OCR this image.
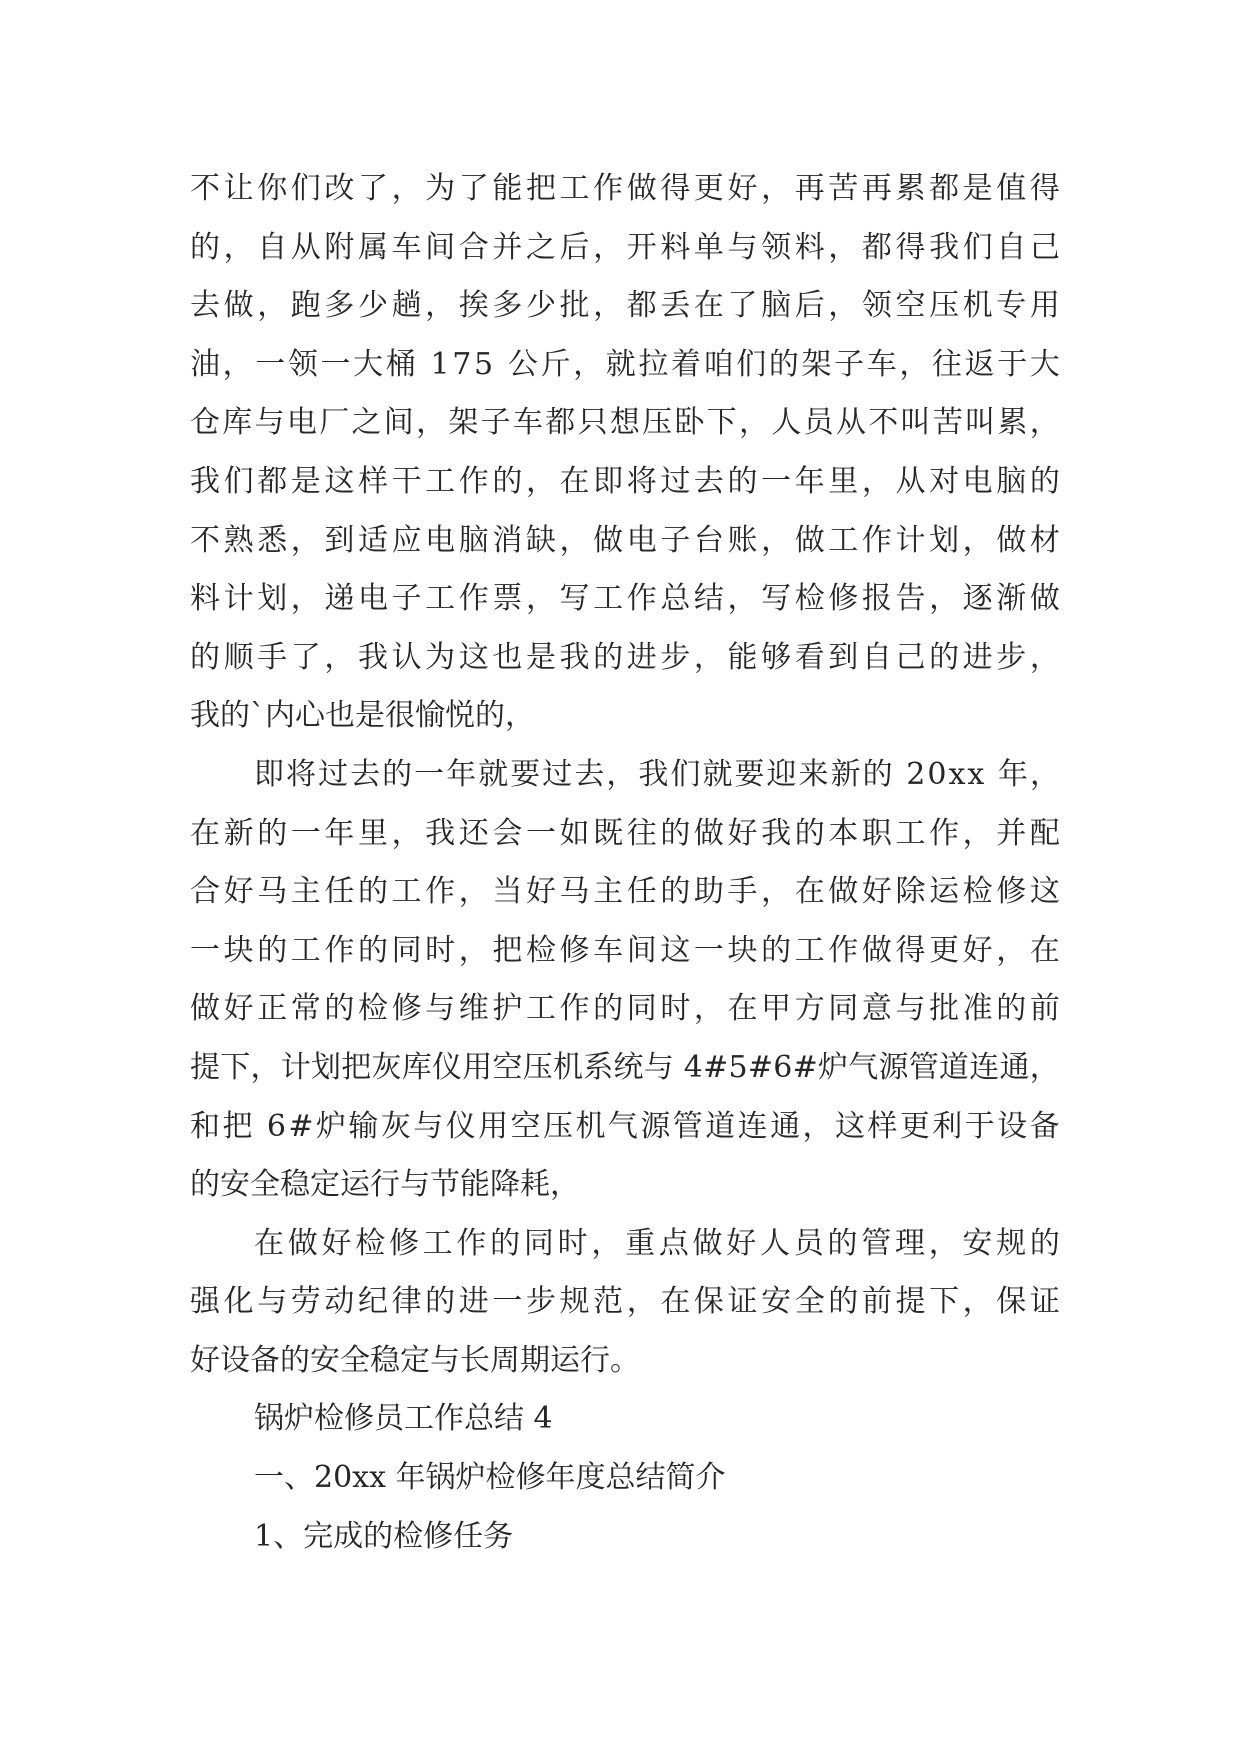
不 让 你 们 改 了 ， 为 了 能 把 工 作 做 得 更 好 ， 再 苦 再 累 都 是 值 得
的 ， 自 从 附 属 车 间 合 并 之 后 ， 开 料 单 与 领 料 ， 都 得 我 们 自 己
去 做 ， 跑 多 少 趟 ， 挨 多 少 批 ， 都 丢 在 了 脑 后 ， 领 空 压 机 专 用
油 ， 一 领 一 大 桶
1 7 5
公 斤 ， 就 拉 着 咱 们 的 架 子 车 ， 往 返 于 大
仓 库 与 电 厂 之 间 ， 架 子 车 都 只 想 压 卧 下 ， 人 员 从 不 叫 苦 叫 累 ，
我 们 都 是 这 样 干 工 作 的 ， 在 即 将 过 去 的 一 年 里 ， 从 对 电 脑 的
不 熟 悉 ， 到 适 应 电 脑 消 缺 ， 做 电 子 台 账 ， 做 工 作 计 划 ， 做 材
料 计 划 ， 递 电 子 工 作 票 ， 写 工 作 总 结 ， 写 检 修 报 告 ， 逐 渐 做
的 顺 手 了 ， 我 认 为 这 也 是 我 的 进 步 ， 能 够 看 到 自 己 的 进 步 ，
我的`内心也是很愉悦的，
即 将 过 去 的 一 年 就 要 过 去 ， 我 们 就 要 迎 来 新 的
2 0 x x
年 ，
在 新 的 一 年 里 ， 我 还 会 一 如 既 往 的 做 好 我 的 本 职 工 作 ， 并 配
合 好 马 主 任 的 工 作 ， 当 好 马 主 任 的 助 手 ， 在 做 好 除 运 检 修 这
一 块 的 工 作 的 同 时 ， 把 检 修 车 间 这 一 块 的 工 作 做 得 更 好 ， 在
做 好 正 常 的 检 修 与 维 护 工 作 的 同 时 ， 在 甲 方 同 意 与 批 准 的 前
提 下 ， 计 划 把 灰 库 仪 用 空 压 机 系 统 与
4 # 5 # 6 # 炉 气 源 管 道 连 通 ，
和 把
6 # 炉 输 灰 与 仪 用 空 压 机 气 源 管 道 连 通 ， 这 样 更 利 于 设 备
的安全稳定运行与节能降耗，
在 做 好 检 修 工 作 的 同 时 ， 重 点 做 好 人 员 的 管 理 ， 安 规 的
强 化 与 劳 动 纪 律 的 进 一 步 规 范 ， 在 保 证 安 全 的 前 提 下 ， 保 证
好设备的安全稳定与长周期运行。
锅炉检修员工作总结 4
一、20xx 年锅炉检修年度总结简介
1、完成的检修任务
